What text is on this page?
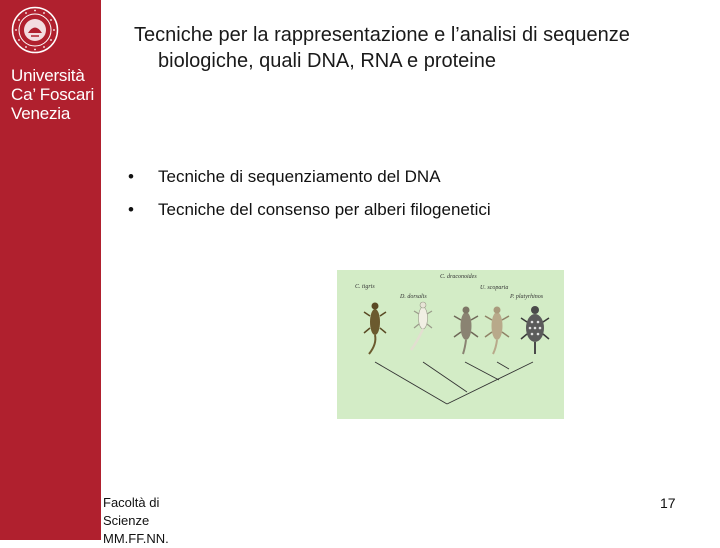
Università
Ca’ Foscari
Venezia
Tecniche per la rappresentazione e l’analisi di sequenze biologiche, quali DNA, RNA e proteine
•	Tecniche di sequenziamento del DNA
•	Tecniche del consenso per alberi filogenetici
C. draconoides
C. tigris	U. scoparia
D. dorsalis	P. platyrhinos
Facoltà di
Scienze
MM.FF.NN.
17
